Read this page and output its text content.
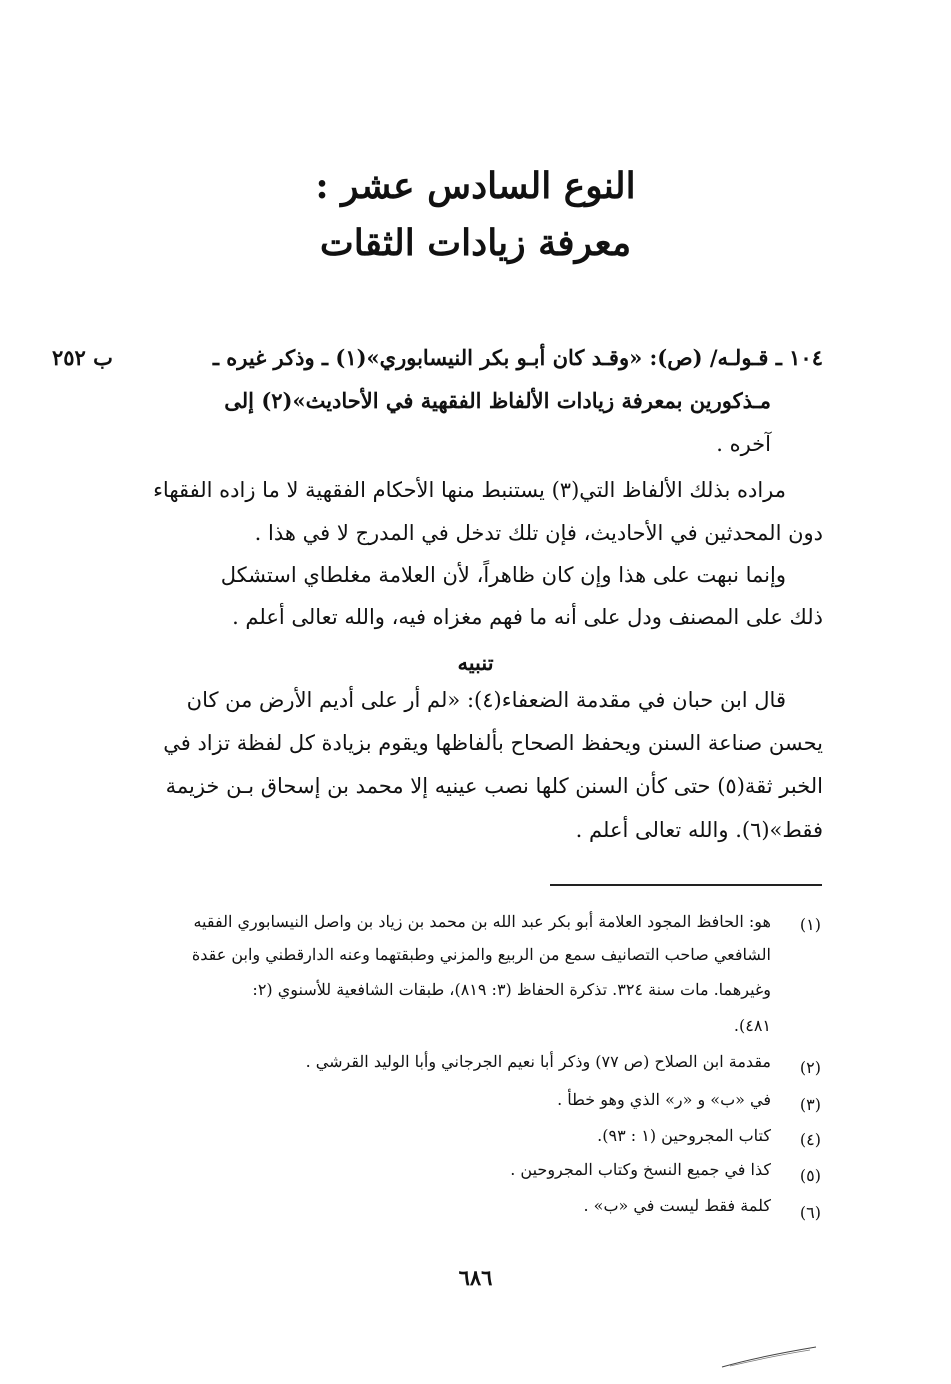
النوع السادس عشر :
معرفة زيادات الثقات
١٠٤ ـ قـولـه/ (ص): «وقـد كان أبـو بكر النيسابوري»(١) ـ وذكر غيره ـ
ب ٢٥٢
مـذكورين بمعرفة زيادات الألفاظ الفقهية في الأحاديث»(٢) إلى
آخره .
مراده بذلك الألفاظ التي(٣) يستنبط منها الأحكام الفقهية لا ما زاده الفقهاء
دون المحدثين في الأحاديث، فإن تلك تدخل في المدرج لا في هذا .
وإنما نبهت على هذا وإن كان ظاهراً، لأن العلامة مغلطاي استشكل
ذلك على المصنف ودل على أنه ما فهم مغزاه فيه، والله تعالى أعلم .
تنبيه
قال ابن حبان في مقدمة الضعفاء(٤): «لم أر على أديم الأرض من كان
يحسن صناعة السنن ويحفظ الصحاح بألفاظها ويقوم بزيادة كل لفظة تزاد في
الخبر ثقة(٥) حتى كأن السنن كلها نصب عينيه إلا محمد بن إسحاق بـن خزيمة
فقط»(٦). والله تعالى أعلم .
(١)
هو: الحافظ المجود العلامة أبو بكر عبد الله بن محمد بن زياد بن واصل النيسابوري الفقيه
الشافعي صاحب التصانيف سمع من الربيع والمزني وطبقتهما وعنه الدارقطني وابن عقدة
وغيرهما. مات سنة ٣٢٤. تذكرة الحفاظ (٣: ٨١٩)، طبقات الشافعية للأسنوي (٢:
٤٨١).
(٢)
مقدمة ابن الصلاح (ص ٧٧) وذكر أبا نعيم الجرجاني وأبا الوليد القرشي .
(٣)
في «ب» و «ر» الذي وهو خطأ .
(٤)
كتاب المجروحين (١ : ٩٣).
(٥)
كذا في جميع النسخ وكتاب المجروحين .
(٦)
كلمة فقط ليست في «ب» .
٦٨٦
